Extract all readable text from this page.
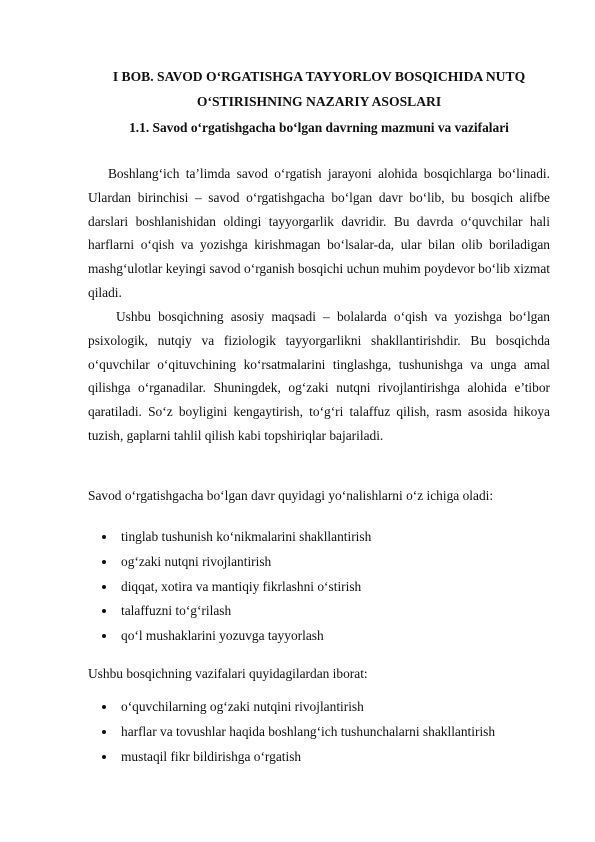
I BOB. SAVOD O‘RGATISHGA TAYYORLOV BOSQICHIDA NUTQ O‘STIRISHNING NAZARIY ASOSLARI
1.1. Savod o‘rgatishgacha bo‘lgan davrning mazmuni va vazifalari

Boshlang‘ich ta’limda savod o‘rgatish jarayoni alohida bosqichlarga bo‘linadi. Ulardan birinchisi – savod o‘rgatishgacha bo‘lgan davr bo‘lib, bu bosqich alifbe darslari boshlanishidan oldingi tayyorgarlik davridir. Bu davrda o‘quvchilar hali harflarni o‘qish va yozishga kirishmagan bo‘lsalar-da, ular bilan olib boriladigan mashg‘ulotlar keyingi savod o‘rganish bosqichi uchun muhim poydevor bo‘lib xizmat qiladi.

Ushbu bosqichning asosiy maqsadi – bolalarda o‘qish va yozishga bo‘lgan psixologik, nutqiy va fiziologik tayyorgarlikni shakllantirishdir. Bu bosqichda o‘quvchilar o‘qituvchining ko‘rsatmalarini tinglashga, tushunishga va unga amal qilishga o‘rganadilar. Shuningdek, og‘zaki nutqni rivojlantirishga alohida e’tibor qaratiladi. So‘z boyligini kengaytirish, to‘g‘ri talaffuz qilish, rasm asosida hikoya tuzish, gaplarni tahlil qilish kabi topshiriqlar bajariladi.

Savod o‘rgatishgacha bo‘lgan davr quyidagi yo‘nalishlarni o‘z ichiga oladi:

tinglab tushunish ko‘nikmalarini shakllantirish
og‘zaki nutqni rivojlantirish
diqqat, xotira va mantiqiy fikrlashni o‘stirish
talaffuzni to‘g‘rilash
qo‘l mushaklarini yozuvga tayyorlash

Ushbu bosqichning vazifalari quyidagilardan iborat:

o‘quvchilarning og‘zaki nutqini rivojlantirish
harflar va tovushlar haqida boshlang‘ich tushunchalarni shakllantirish
mustaqil fikr bildirishga o‘rgatish
